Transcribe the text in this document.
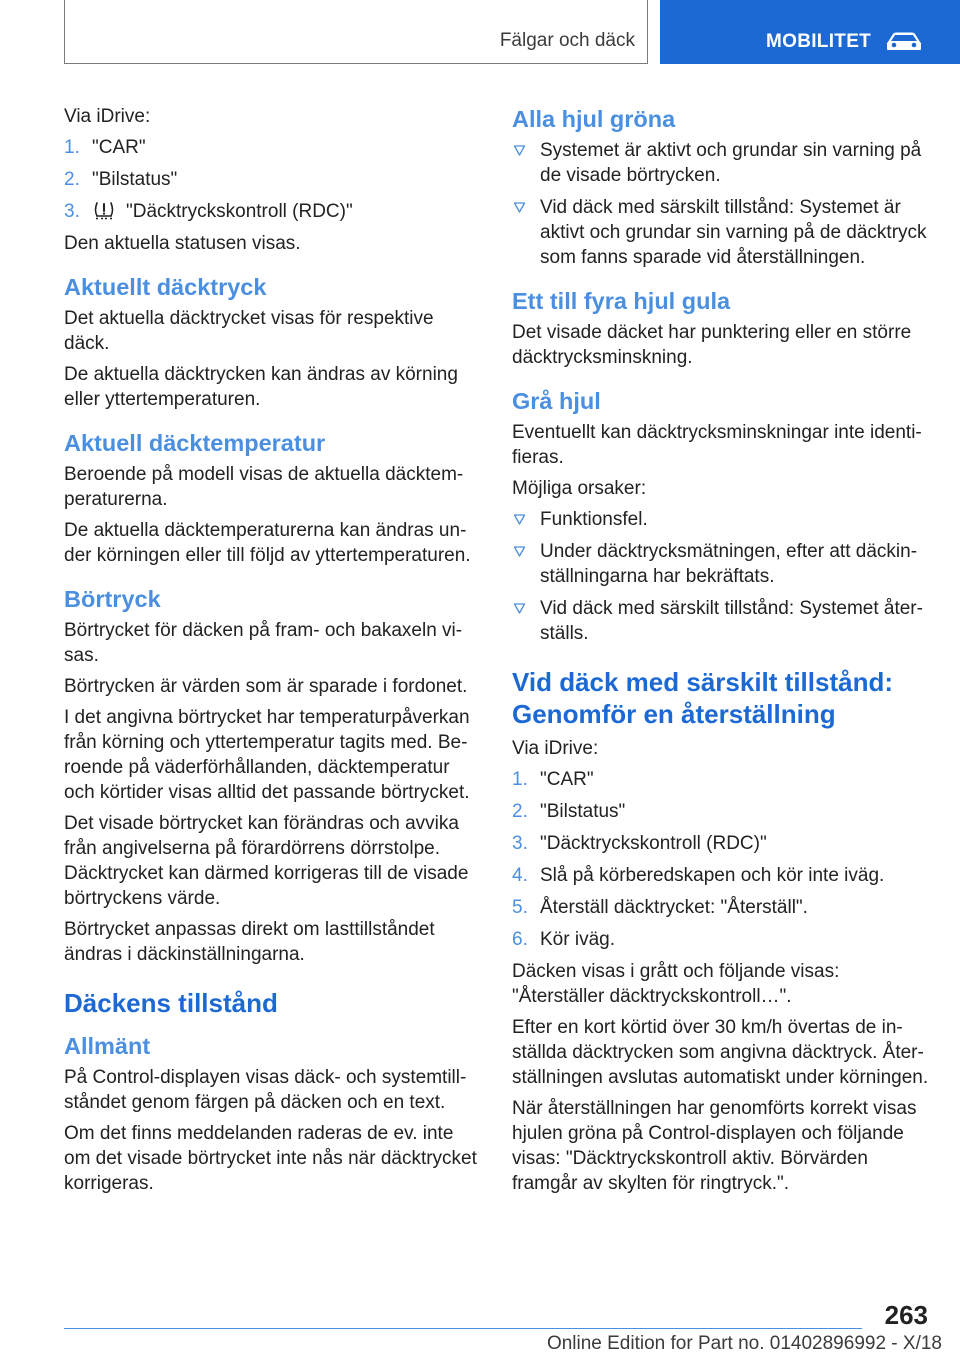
Fälgar och däck	MOBILITET

Via iDrive:

1. "CAR"
2. "Bilstatus"
3. "Däcktryckskontroll (RDC)"

Den aktuella statusen visas.

Aktuellt däcktryck

Det aktuella däcktrycket visas för respektive däck.

De aktuella däcktrycken kan ändras av körning eller yttertemperaturen.

Aktuell däcktemperatur

Beroende på modell visas de aktuella däcktemperaturerna.

De aktuella däcktemperaturerna kan ändras under körningen eller till följd av yttertemperaturen.

Börtryck

Börtrycket för däcken på fram- och bakaxeln visas.

Börtrycken är värden som är sparade i fordonet.

I det angivna börtrycket har temperaturpåverkan från körning och yttertemperatur tagits med. Beroende på väderförhållanden, däcktemperatur och körtider visas alltid det passande börtrycket.

Det visade börtrycket kan förändras och avvika från angivelserna på förardörrens dörrstolpe. Däcktrycket kan därmed korrigeras till de visade börtryckens värde.

Börtrycket anpassas direkt om lasttillståndet ändras i däckinställningarna.

Däckens tillstånd
Allmänt

På Control-displayen visas däck- och systemtillståndet genom färgen på däcken och en text.

Om det finns meddelanden raderas de ev. inte om det visade börtrycket inte nås när däcktrycket korrigeras.

Alla hjul gröna
Systemet är aktivt och grundar sin varning på de visade börtrycken.
Vid däck med särskilt tillstånd: Systemet är aktivt och grundar sin varning på de däcktryck som fanns sparade vid återställningen.
Ett till fyra hjul gula

Det visade däcket har punktering eller en större däcktrycksminskning.

Grå hjul

Eventuellt kan däcktrycksminskningar inte identifieras.

Möjliga orsaker:

Funktionsfel.
Under däcktrycksmätningen, efter att däckinställningarna har bekräftats.
Vid däck med särskilt tillstånd: Systemet återställs.
Vid däck med särskilt tillstånd: Genomför en återställning

Via iDrive:

1. "CAR"
2. "Bilstatus"
3. "Däcktryckskontroll (RDC)"
4. Slå på körberedskapen och kör inte iväg.
5. Återställ däcktrycket: "Återställ".
6. Kör iväg.

Däcken visas i grått och följande visas: "Återställer däcktryckskontroll…".

Efter en kort körtid över 30 km/h övertas de inställda däcktrycken som angivna däcktryck. Återställningen avslutas automatiskt under körningen.

När återställningen har genomförts korrekt visas hjulen gröna på Control-displayen och följande visas: "Däcktryckskontroll aktiv. Börvärden framgår av skylten för ringtryck.".

263
Online Edition for Part no. 01402896992 - X/18
